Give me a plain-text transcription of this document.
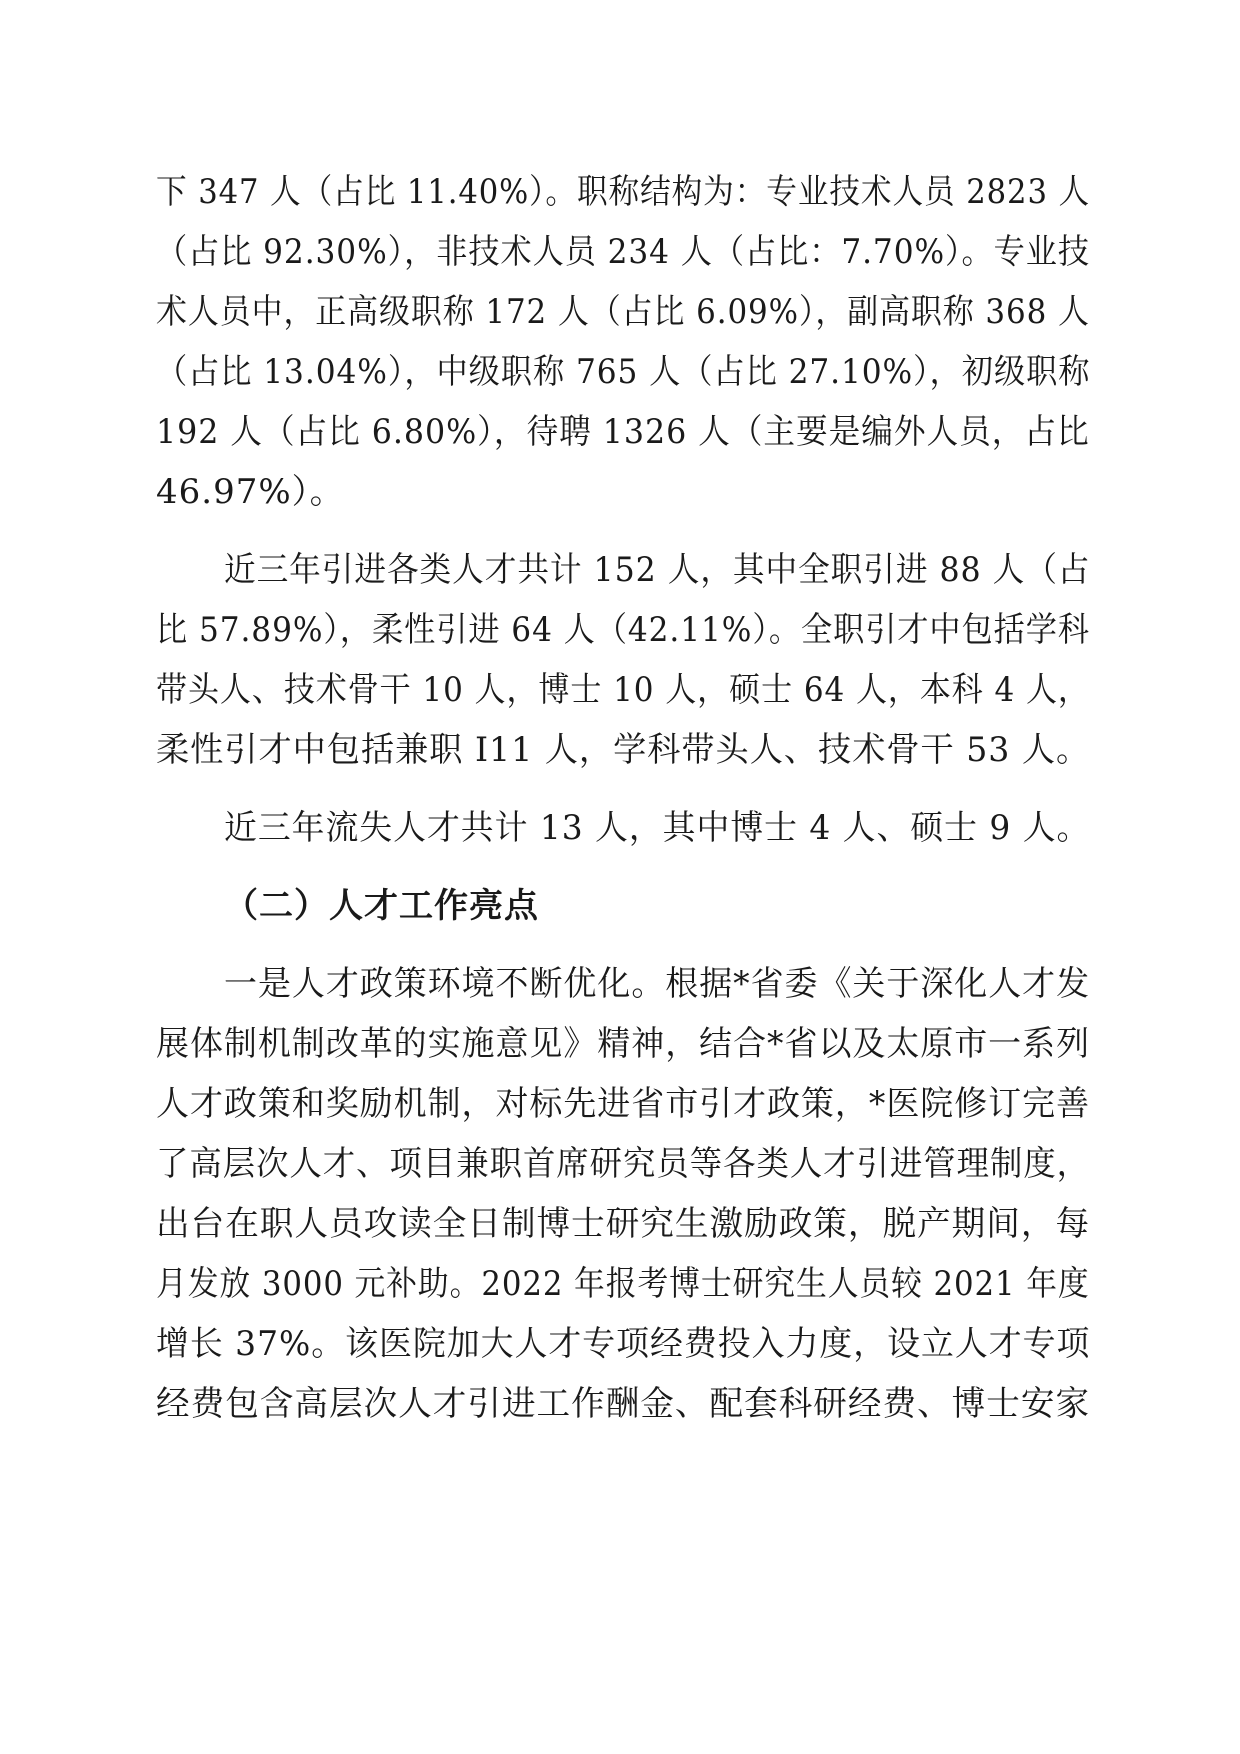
下 347 人（占比 11.40%）。职称结构为：专业技术人员 2823 人
（占比 92.30%），非技术人员 234 人（占比：7.70%）。专业技
术人员中，正高级职称 172 人（占比 6.09%），副高职称 368 人
（占比 13.04%），中级职称 765 人（占比 27.10%），初级职称
192 人（占比 6.80%），待聘 1326 人（主要是编外人员，占比
46.97%）。
近三年引进各类人才共计 152 人，其中全职引进 88 人（占
比 57.89%），柔性引进 64 人（42.11%）。全职引才中包括学科
带头人、技术骨干 10 人，博士 10 人，硕士 64 人，本科 4 人，
柔性引才中包括兼职 I11 人，学科带头人、技术骨干 53 人。
近三年流失人才共计 13 人，其中博士 4 人、硕士 9 人。
（二）人才工作亮点
一是人才政策环境不断优化。根据*省委《关于深化人才发
展体制机制改革的实施意见》精神，结合*省以及太原市一系列
人才政策和奖励机制，对标先进省市引才政策，*医院修订完善
了高层次人才、项目兼职首席研究员等各类人才引进管理制度，
出台在职人员攻读全日制博士研究生激励政策，脱产期间，每
月发放 3000 元补助。2022 年报考博士研究生人员较 2021 年度
增长 37%。该医院加大人才专项经费投入力度，设立人才专项
经费包含高层次人才引进工作酬金、配套科研经费、博士安家
